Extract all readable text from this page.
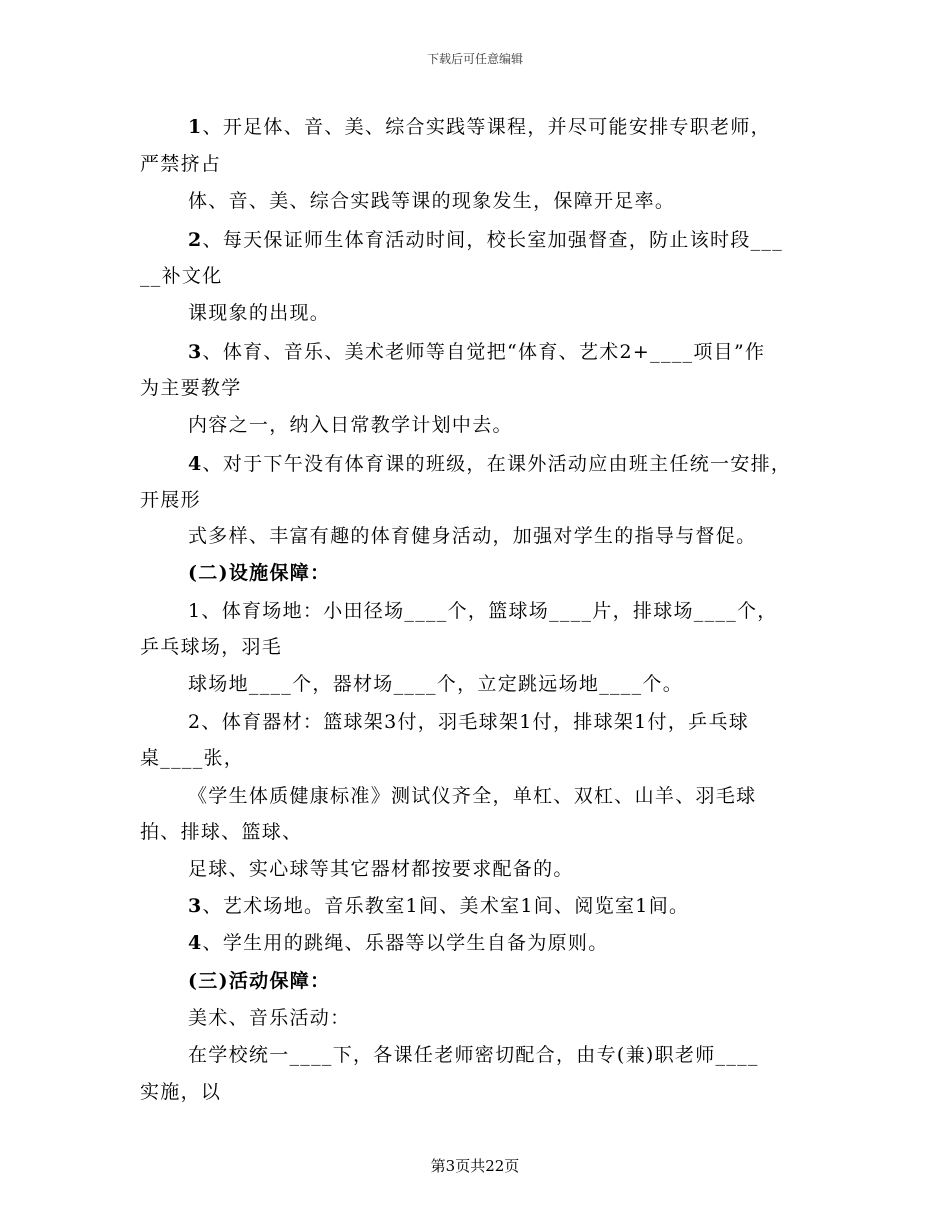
下载后可任意编辑
1、开足体、音、美、综合实践等课程，并尽可能安排专职老师，
严禁挤占
体、音、美、综合实践等课的现象发生，保障开足率。
2、每天保证师生体育活动时间，校长室加强督查，防止该时段___
__补文化
课现象的出现。
3、体育、音乐、美术老师等自觉把“体育、艺术2+____项目”作
为主要教学
内容之一，纳入日常教学计划中去。
4、对于下午没有体育课的班级，在课外活动应由班主任统一安排，
开展形
式多样、丰富有趣的体育健身活动，加强对学生的指导与督促。
(二)设施保障：
1、体育场地：小田径场____个，篮球场____片，排球场____个，
乒乓球场，羽毛
球场地____个，器材场____个，立定跳远场地____个。
2、体育器材：篮球架3付，羽毛球架1付，排球架1付，乒乓球
桌____张，
《学生体质健康标准》测试仪齐全，单杠、双杠、山羊、羽毛球
拍、排球、篮球、
足球、实心球等其它器材都按要求配备的。
3、艺术场地。音乐教室1间、美术室1间、阅览室1间。
4、学生用的跳绳、乐器等以学生自备为原则。
(三)活动保障：
美术、音乐活动：
在学校统一____下，各课任老师密切配合，由专(兼)职老师____
实施，以
第3页共22页
